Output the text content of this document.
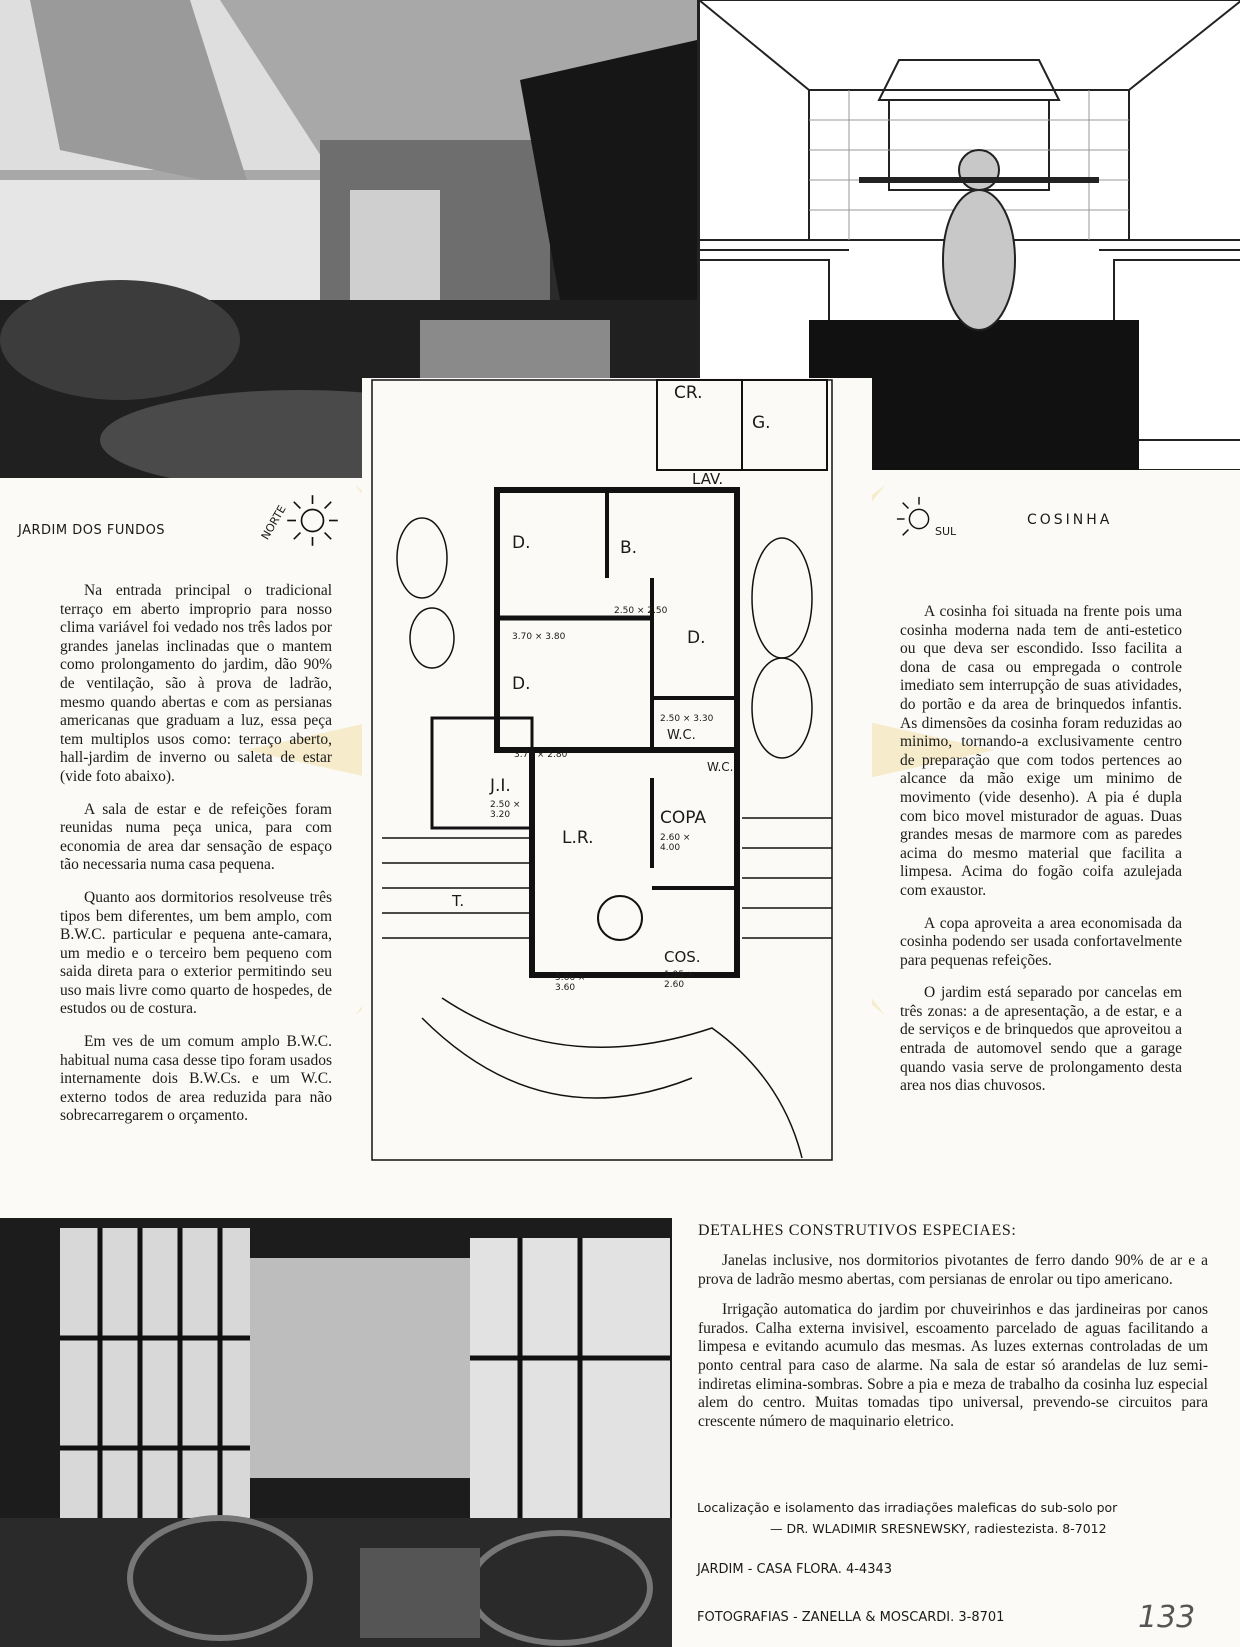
CR.
G.
LAV.
D.	B.
2.50 × 2.50
3.70 × 3.80	D.
D.
2.50 × 3.30
3.70 × 2.80
W.C.
W.C.
J.I.
2.50 × 3.20	COPA
2.60 × 4.00
L.R.
T.
COS.
1.95 × 2.60
5.66 × 3.60
NORTE	SUL
JARDIM DOS FUNDOS
COSINHA

Na entrada principal o tradicional terraço em aberto improprio para nosso clima variável foi vedado nos três lados por grandes janelas inclinadas que o mantem como prolongamento do jardim, dão 90% de ventilação, são à prova de ladrão, mesmo quando abertas e com as persianas americanas que graduam a luz, essa peça tem multiplos usos como: terraço aberto, hall-jardim de inverno ou saleta de estar (vide foto abaixo).

A sala de estar e de refeições foram reunidas numa peça unica, para com economia de area dar sensação de espaço tão necessaria numa casa pequena.

Quanto aos dormitorios resolveuse três tipos bem diferentes, um bem amplo, com B.W.C. particular e pequena ante-camara, um medio e o terceiro bem pequeno com saida direta para o exterior permitindo seu uso mais livre como quarto de hospedes, de estudos ou de costura.

Em ves de um comum amplo B.W.C. habitual numa casa desse tipo foram usados internamente dois B.W.Cs. e um W.C. externo todos de area reduzida para não sobrecarregarem o orçamento.

A cosinha foi situada na frente pois uma cosinha moderna nada tem de anti-estetico ou que deva ser escondido. Isso facilita a dona de casa ou empregada o controle imediato sem interrupção de suas atividades, do portão e da area de brinquedos infantis. As dimensões da cosinha foram reduzidas ao minimo, tornando-a exclusivamente centro de preparação que com todos pertences ao alcance da mão exige um minimo de movimento (vide desenho). A pia é dupla com bico movel misturador de aguas. Duas grandes mesas de marmore com as paredes acima do mesmo material que facilita a limpesa. Acima do fogão coifa azulejada com exaustor.

A copa aproveita a area economisada da cosinha podendo ser usada confortavelmente para pequenas refeições.

O jardim está separado por cancelas em três zonas: a de apresentação, a de estar, e a de serviços e de brinquedos que aproveitou a entrada de automovel sendo que a garage quando vasia serve de prolongamento desta area nos dias chuvosos.

DETALHES CONSTRUTIVOS ESPECIAES:

Janelas inclusive, nos dormitorios pivotantes de ferro dando 90% de ar e a prova de ladrão mesmo abertas, com persianas de enrolar ou tipo americano.

Irrigação automatica do jardim por chuveirinhos e das jardineiras por canos furados. Calha externa invisivel, escoamento parcelado de aguas facilitando a limpesa e evitando acumulo das mesmas. As luzes externas controladas de um ponto central para caso de alarme. Na sala de estar só arandelas de luz semi-indiretas elimina-sombras. Sobre a pia e meza de trabalho da cosinha luz especial alem do centro. Muitas tomadas tipo universal, prevendo-se circuitos para crescente número de maquinario eletrico.

Localização e isolamento das irradiações maleficas do sub-solo por
— DR. WLADIMIR SRESNEWSKY, radiestezista. 8-7012
JARDIM - CASA FLORA. 4-4343
FOTOGRAFIAS - ZANELLA & MOSCARDI. 3-8701	133
